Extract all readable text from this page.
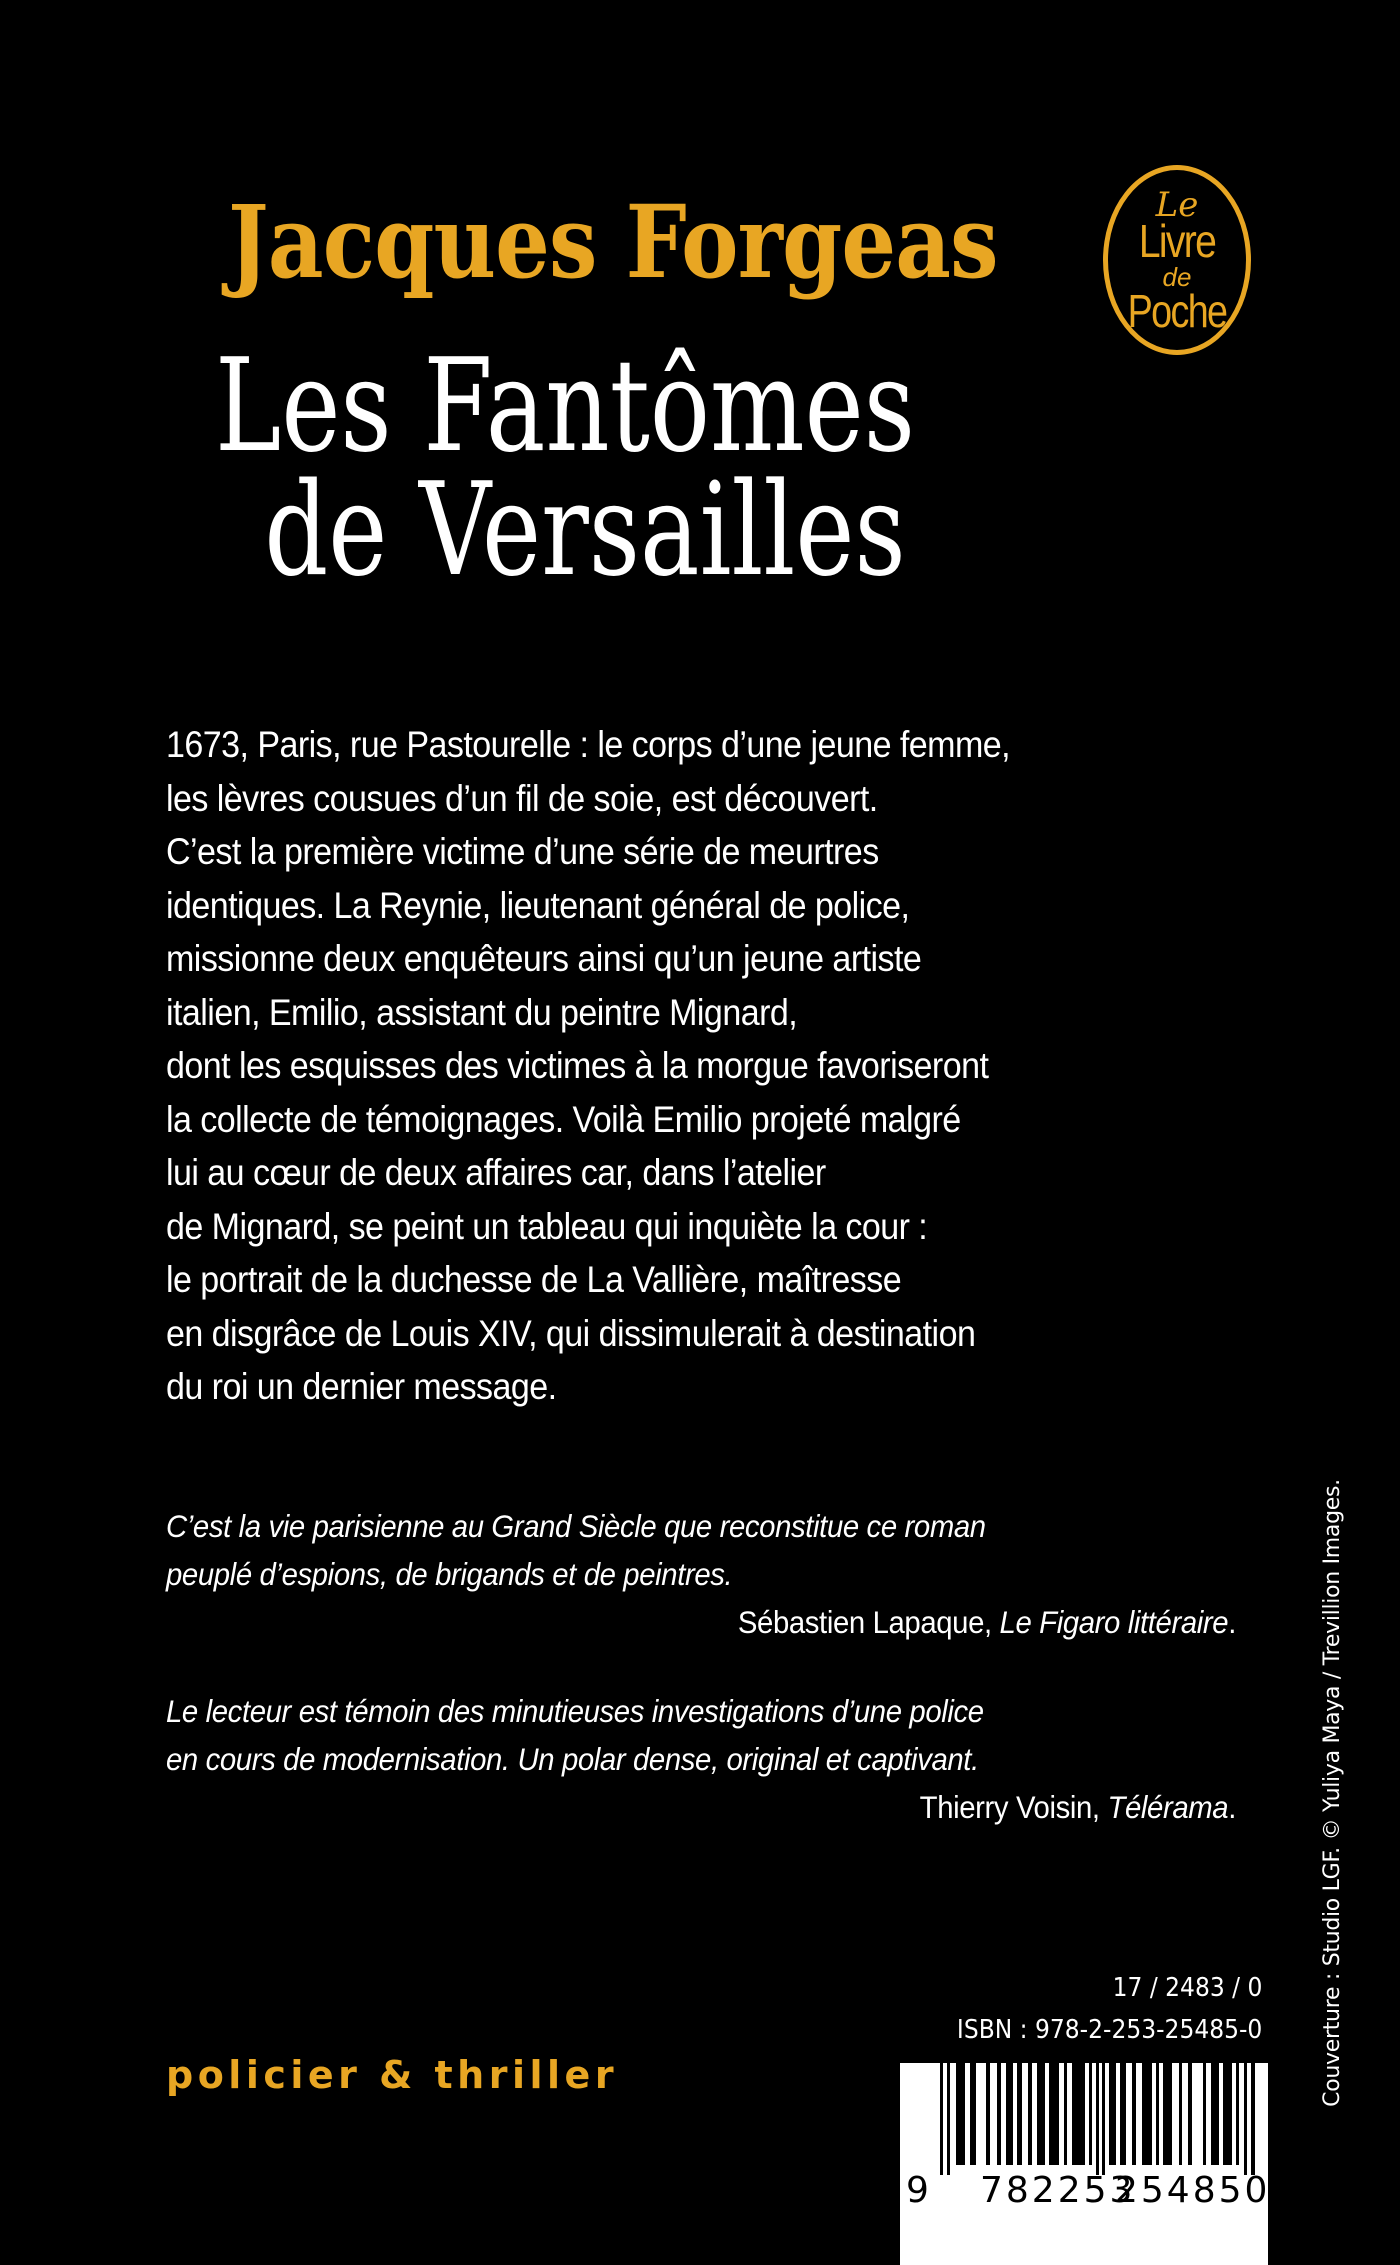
Jacques Forgeas
Les Fantômes
de Versailles
Le
Livre
de
Poche
1673, Paris, rue Pastourelle : le corps d’une jeune femme,
les lèvres cousues d’un fil de soie, est découvert.
C’est la première victime d’une série de meurtres
identiques. La Reynie, lieutenant général de police,
missionne deux enquêteurs ainsi qu’un jeune artiste
italien, Emilio, assistant du peintre Mignard,
dont les esquisses des victimes à la morgue favoriseront
la collecte de témoignages. Voilà Emilio projeté malgré
lui au cœur de deux affaires car, dans l’atelier
de Mignard, se peint un tableau qui inquiète la cour :
le portrait de la duchesse de La Vallière, maîtresse
en disgrâce de Louis XIV, qui dissimulerait à destination
du roi un dernier message.
C’est la vie parisienne au Grand Siècle que reconstitue ce roman
peuplé d’espions, de brigands et de peintres.
Sébastien Lapaque, Le Figaro littéraire.
Le lecteur est témoin des minutieuses investigations d’une police
en cours de modernisation. Un polar dense, original et captivant.
Thierry Voisin, Télérama.
policier & thriller
17 / 2483 / 0
ISBN : 978-2-253-25485-0
9 782253
254850
Couverture : Studio LGF. © Yuliya Maya / Trevillion Images.
